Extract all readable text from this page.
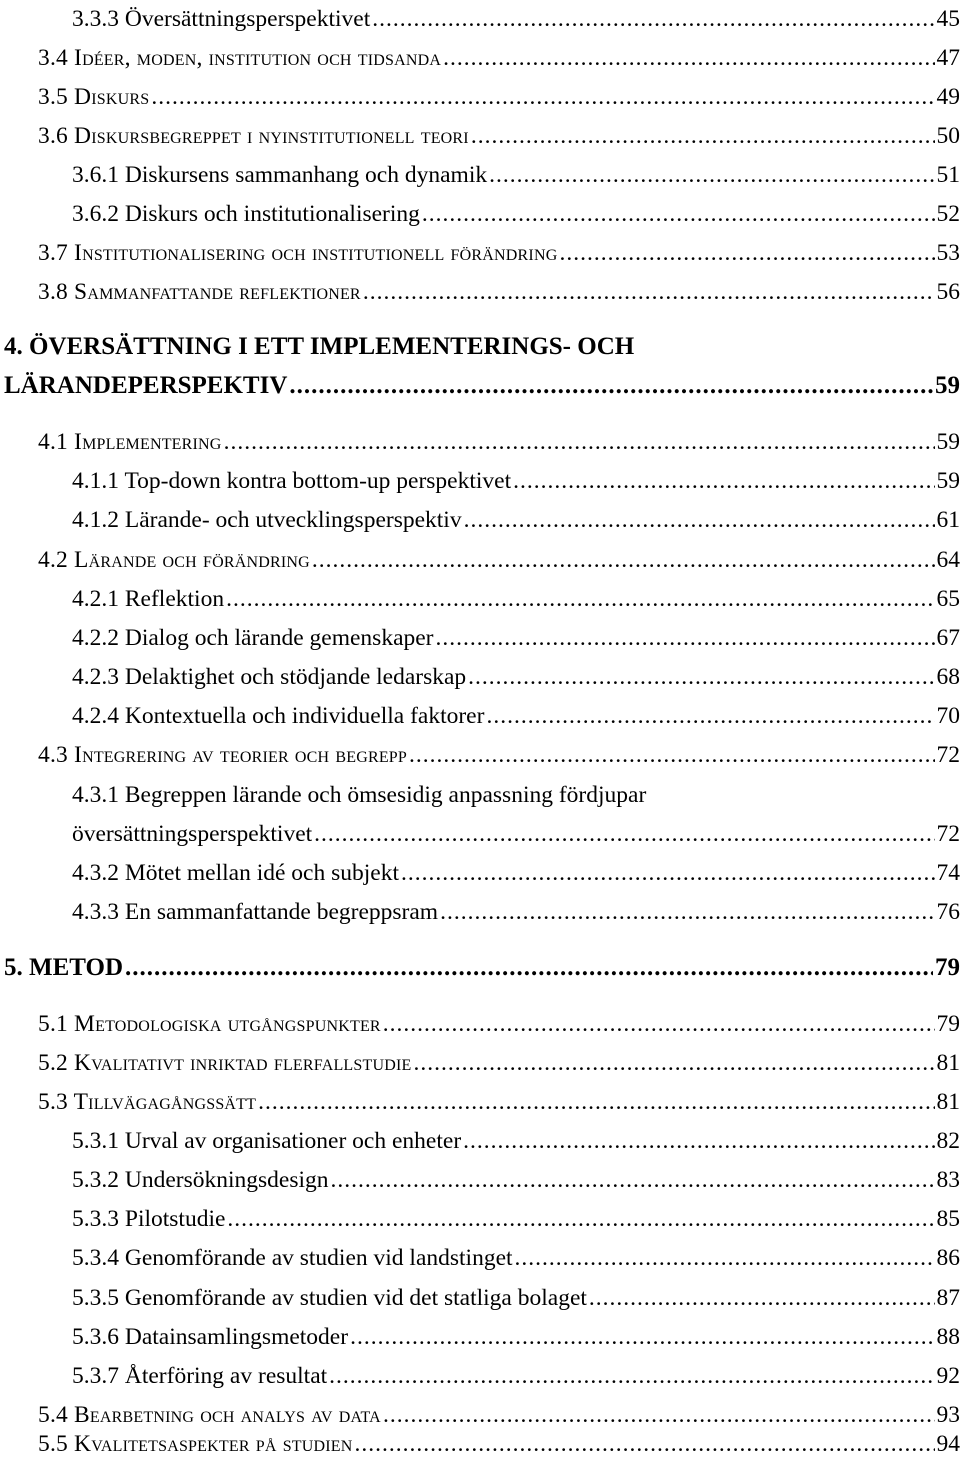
3.3.3 Översättningsperspektivet .....	45
3.4 Idéer, moden, institution och tidsanda .....	47
3.5 Diskurs .....	49
3.6 Diskursbegreppet i nyinstitutionell teori .....	50
3.6.1 Diskursens sammanhang och dynamik .....	51
3.6.2 Diskurs och institutionalisering .....	52
3.7 Institutionalisering och institutionell förändring .....	53
3.8 Sammanfattande reflektioner .....	56
4. ÖVERSÄTTNING I ETT IMPLEMENTERINGS- OCH
LÄRANDEPERSPEKTIV .....	59
4.1 Implementering .....	59
4.1.1 Top-down kontra bottom-up perspektivet .....	59
4.1.2 Lärande- och utvecklingsperspektiv .....	61
4.2 Lärande och förändring .....	64
4.2.1 Reflektion .....	65
4.2.2 Dialog och lärande gemenskaper .....	67
4.2.3 Delaktighet och stödjande ledarskap .....	68
4.2.4 Kontextuella och individuella faktorer .....	70
4.3 Integrering av teorier och begrepp .....	72
4.3.1 Begreppen lärande och ömsesidig anpassning fördjupar
översättningsperspektivet .....	72
4.3.2 Mötet mellan idé och subjekt .....	74
4.3.3 En sammanfattande begreppsram .....	76
5. METOD .....	79
5.1 Metodologiska utgångspunkter .....	79
5.2 Kvalitativt inriktad flerfallstudie .....	81
5.3 Tillvägagångssätt .....	81
5.3.1 Urval av organisationer och enheter .....	82
5.3.2 Undersökningsdesign .....	83
5.3.3 Pilotstudie .....	85
5.3.4 Genomförande av studien vid landstinget .....	86
5.3.5 Genomförande av studien vid det statliga bolaget .....	87
5.3.6 Datainsamlingsmetoder .....	88
5.3.7 Återföring av resultat .....	92
5.4 Bearbetning och analys av data .....	93
5.5 Kvalitetsaspekter på studien .....	94
